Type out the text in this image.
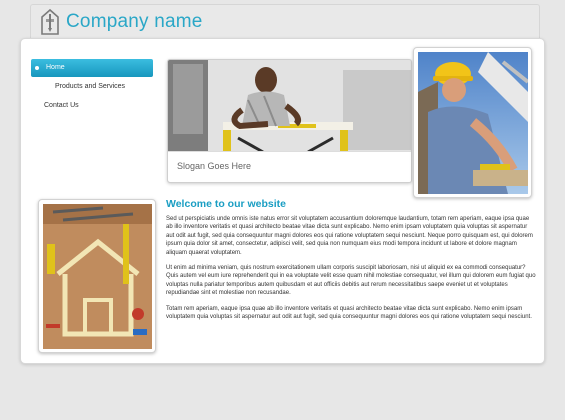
Company name
Home
Products and Services
Contact Us
Slogan Goes Here
Welcome to our website

Sed ut perspiciatis unde omnis iste natus error sit voluptatem accusantium doloremque laudantium, totam rem aperiam, eaque ipsa quae ab illo inventore veritatis et quasi architecto beatae vitae dicta sunt explicabo. Nemo enim ipsam voluptatem quia voluptas sit aspernatur aut odit aut fugit, sed quia consequuntur magni dolores eos qui ratione voluptatem sequi nesciunt. Neque porro quisquam est, qui dolorem ipsum quia dolor sit amet, consectetur, adipisci velit, sed quia non numquam eius modi tempora incidunt ut labore et dolore magnam aliquam quaerat voluptatem.

Ut enim ad minima veniam, quis nostrum exercitationem ullam corporis suscipit laboriosam, nisi ut aliquid ex ea commodi consequatur? Quis autem vel eum iure reprehenderit qui in ea voluptate velit esse quam nihil molestiae consequatur, vel illum qui dolorem eum fugiat quo voluptas nulla pariatur temporibus autem quibusdam et aut officiis debitis aut rerum necessitatibus saepe eveniet ut et voluptates repudiandae sint et molestiae non recusandae.

Totam rem aperiam, eaque ipsa quae ab illo inventore veritatis et quasi architecto beatae vitae dicta sunt explicabo. Nemo enim ipsam voluptatem quia voluptas sit aspernatur aut odit aut fugit, sed quia consequuntur magni dolores eos qui ratione voluptatem sequi nesciunt.
